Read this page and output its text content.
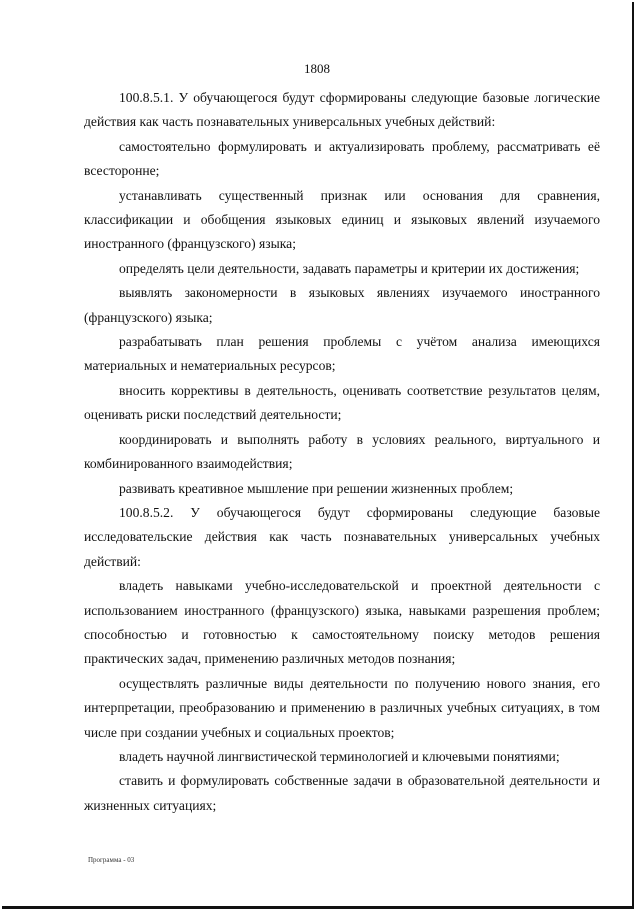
1808

100.8.5.1. У обучающегося будут сформированы следующие базовые логические действия как часть познавательных универсальных учебных действий:

самостоятельно формулировать и актуализировать проблему, рассматривать её всесторонне;

устанавливать существенный признак или основания для сравнения, классификации и обобщения языковых единиц и языковых явлений изучаемого иностранного (французского) языка;

определять цели деятельности, задавать параметры и критерии их достижения;

выявлять закономерности в языковых явлениях изучаемого иностранного (французского) языка;

разрабатывать план решения проблемы с учётом анализа имеющихся материальных и нематериальных ресурсов;

вносить коррективы в деятельность, оценивать соответствие результатов целям, оценивать риски последствий деятельности;

координировать и выполнять работу в условиях реального, виртуального и комбинированного взаимодействия;

развивать креативное мышление при решении жизненных проблем;

100.8.5.2. У обучающегося будут сформированы следующие базовые исследовательские действия как часть познавательных универсальных учебных действий:

владеть навыками учебно-исследовательской и проектной деятельности с использованием иностранного (французского) языка, навыками разрешения проблем; способностью и готовностью к самостоятельному поиску методов решения практических задач, применению различных методов познания;

осуществлять различные виды деятельности по получению нового знания, его интерпретации, преобразованию и применению в различных учебных ситуациях, в том числе при создании учебных и социальных проектов;

владеть научной лингвистической терминологией и ключевыми понятиями;

ставить и формулировать собственные задачи в образовательной деятельности и жизненных ситуациях;

Программа - 03
